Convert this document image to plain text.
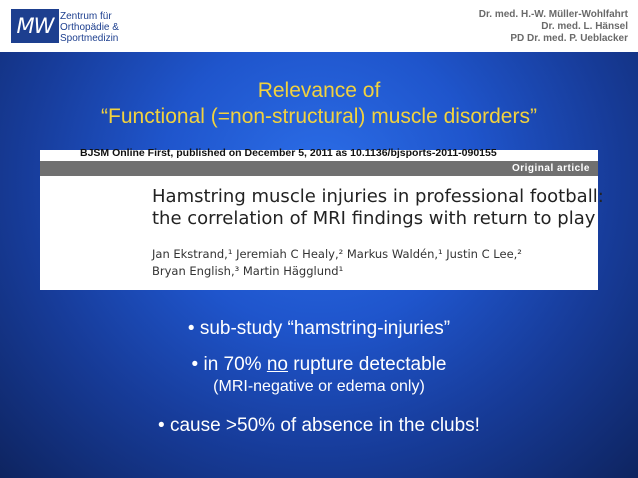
MW Zentrum für
Orthopädie &
Sportmedizin
Dr. med. H.-W. Müller-Wohlfahrt
Dr. med. L. Hänsel
PD Dr. med. P. Ueblacker
Relevance of
“Functional (=non-structural) muscle disorders”
Original article
BJSM Online First, published on December 5, 2011 as 10.1136/bjsports-2011-090155
Hamstring muscle injuries in professional football:
the correlation of MRI findings with return to play
Jan Ekstrand,¹ Jeremiah C Healy,² Markus Waldén,¹ Justin C Lee,²
Bryan English,³ Martin Hägglund¹
• sub-study “hamstring-injuries”
• in 70% no rupture detectable
(MRI-negative or edema only)
• cause >50% of absence in the clubs!
